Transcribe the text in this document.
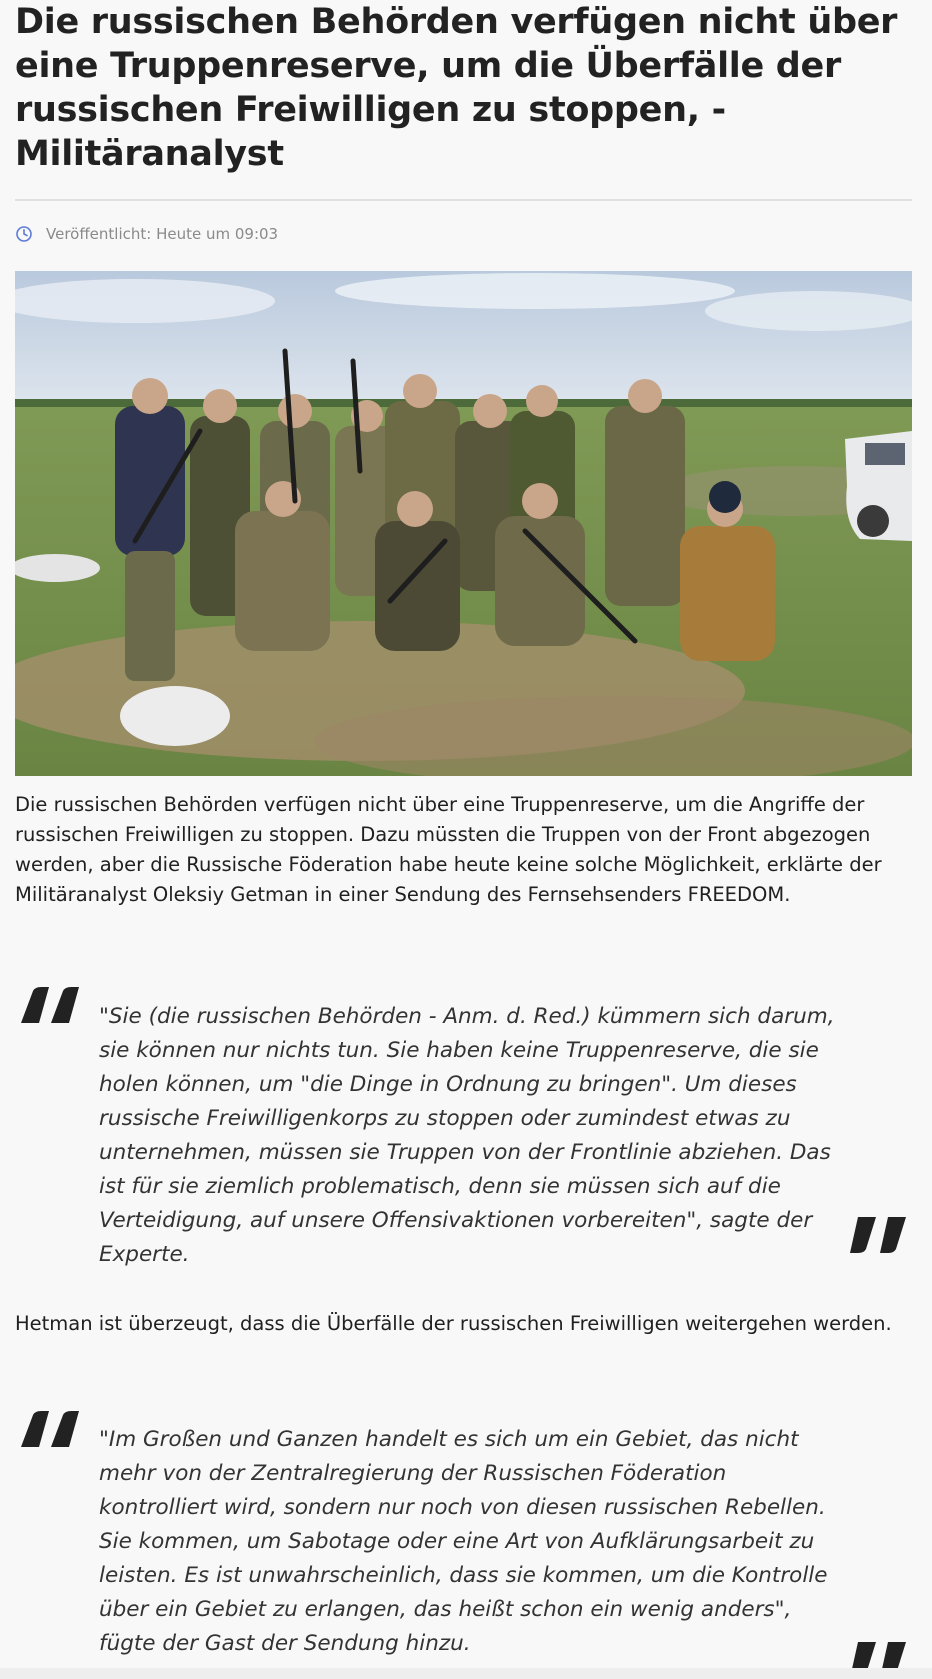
Die russischen Behörden verfügen nicht über eine Truppenreserve, um die Überfälle der russischen Freiwilligen zu stoppen, - Militäranalyst
Veröffentlicht: Heute um 09:03

Die russischen Behörden verfügen nicht über eine Truppenreserve, um die Angriffe der russischen Freiwilligen zu stoppen. Dazu müssten die Truppen von der Front abgezogen werden, aber die Russische Föderation habe heute keine solche Möglichkeit, erklärte der Militäranalyst Oleksiy Getman in einer Sendung des Fernsehsenders FREEDOM.

"Sie (die russischen Behörden - Anm. d. Red.) kümmern sich darum, sie können nur nichts tun. Sie haben keine Truppenreserve, die sie holen können, um "die Dinge in Ordnung zu bringen". Um dieses russische Freiwilligenkorps zu stoppen oder zumindest etwas zu unternehmen, müssen sie Truppen von der Frontlinie abziehen. Das ist für sie ziemlich problematisch, denn sie müssen sich auf die Verteidigung, auf unsere Offensivaktionen vorbereiten", sagte der Experte.

Hetman ist überzeugt, dass die Überfälle der russischen Freiwilligen weitergehen werden.

"Im Großen und Ganzen handelt es sich um ein Gebiet, das nicht mehr von der Zentralregierung der Russischen Föderation kontrolliert wird, sondern nur noch von diesen russischen Rebellen. Sie kommen, um Sabotage oder eine Art von Aufklärungsarbeit zu leisten. Es ist unwahrscheinlich, dass sie kommen, um die Kontrolle über ein Gebiet zu erlangen, das heißt schon ein wenig anders", fügte der Gast der Sendung hinzu.
